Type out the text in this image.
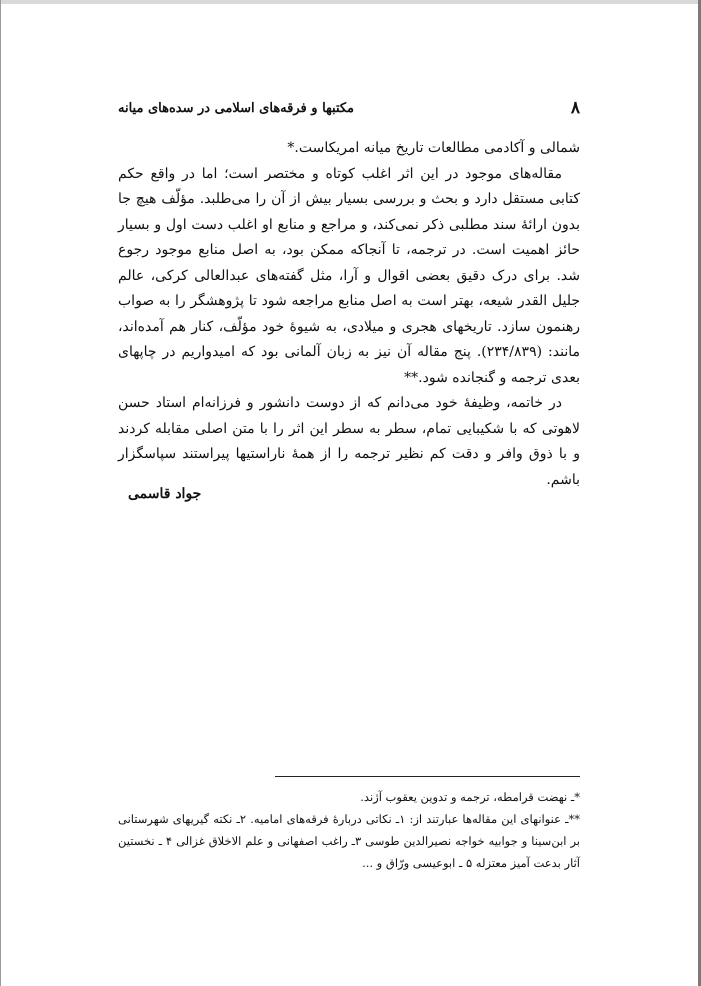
۸
مکتبها و فرقه‌های اسلامی در سده‌های میانه

شمالی و آکادمی مطالعات تاریخ میانه امریکاست.*

مقاله‌های موجود در این اثر اغلب کوتاه و مختصر است؛ اما در واقع حکم کتابی مستقل دارد و بحث و بررسی بسیار بیش از آن را می‌طلبد. مؤلّف هیچ جا بدون ارائهٔ سند مطلبی ذکر نمی‌کند، و مراجع و منابع او اغلب دست اول و بسیار حائز اهمیت است. در ترجمه، تا آنجاکه ممکن بود، به اصل منابع موجود رجوع شد. برای درک دقیق بعضی اقوال و آرا، مثل گفته‌های عبدالعالی کرکی، عالم جلیل القدر شیعه، بهتر است به اصل منابع مراجعه شود تا پژوهشگر را به صواب رهنمون سازد. تاریخهای هجری و میلادی، به شیوهٔ خود مؤلّف، کنار هم آمده‌اند، مانند: (۲۳۴/۸۳۹). پنج مقاله آن نیز به زبان آلمانی بود که امیدواریم در چاپهای بعدی ترجمه و گنجانده شود.**

در خاتمه، وظیفهٔ خود می‌دانم که از دوست دانشور و فرزانه‌ام استاد حسن لاهوتی که با شکیبایی تمام، سطر به سطر این اثر را با متن اصلی مقابله کردند و با ذوق وافر و دقت کم نظیر ترجمه را از همهٔ ناراستیها پیراستند سپاسگزار باشم.

جواد قاسمی

*ـ نهضت قرامطه، ترجمه و تدوین یعقوب آژند.

**ـ عنوانهای این مقاله‌ها عبارتند از: ۱ـ نکاتی دربارهٔ فرقه‌های امامیه. ۲ـ نکته گیریهای شهرستانی بر ابن‌سینا و جوابیه خواجه نصیرالدین طوسی ۳ـ راغب اصفهانی و علم الاخلاق غزالی ۴ ـ نخستین آثار بدعت آمیز معتزله ۵ ـ ابوعیسی ورّاق و ...
